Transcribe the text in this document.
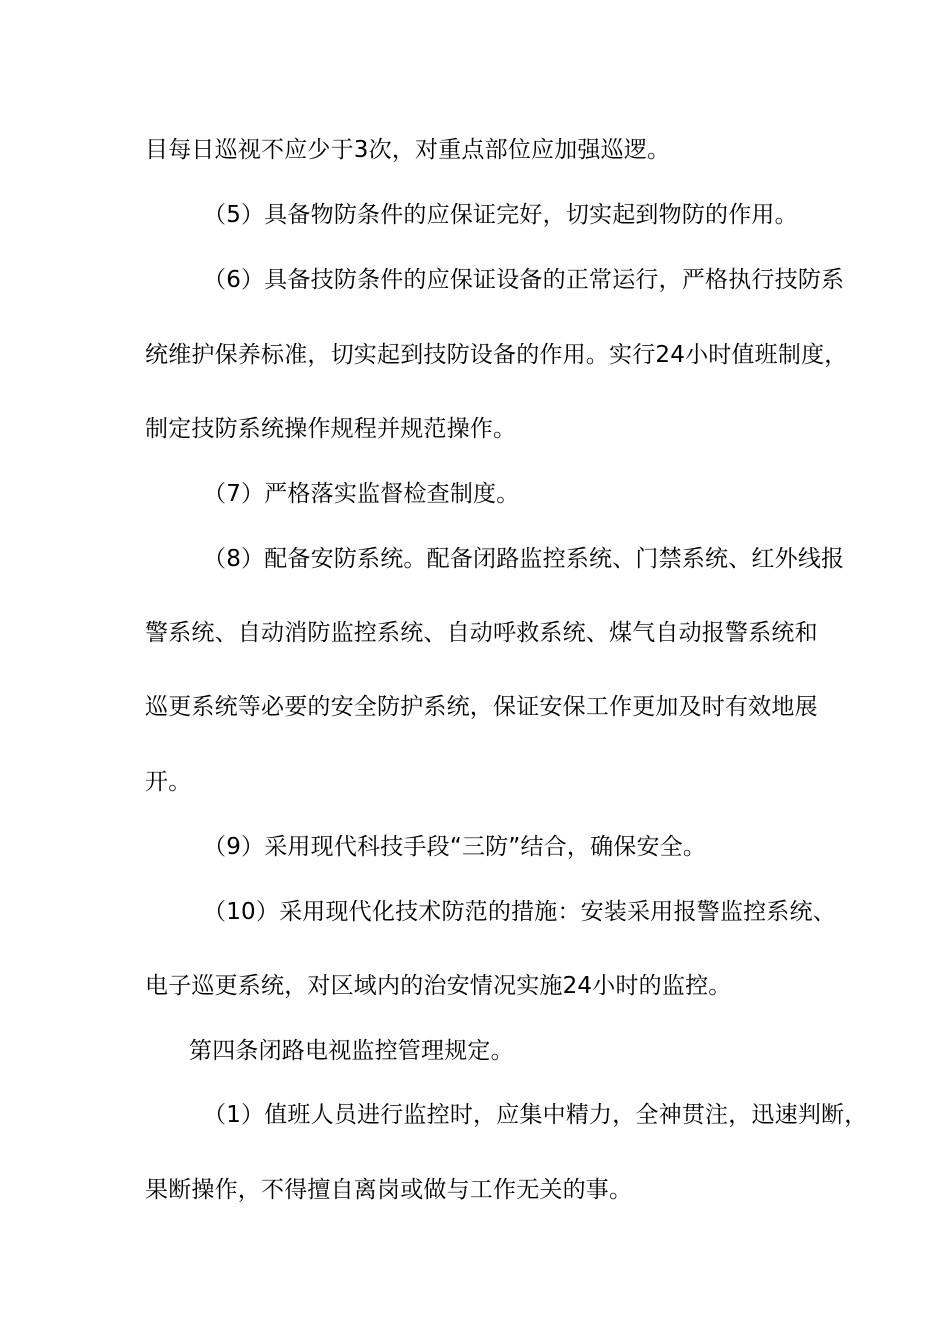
目每日巡视不应少于3次，对重点部位应加强巡逻。
（5）具备物防条件的应保证完好，切实起到物防的作用。
（6）具备技防条件的应保证设备的正常运行，严格执行技防系
统维护保养标准，切实起到技防设备的作用。实行24小时值班制度，
制定技防系统操作规程并规范操作。
（7）严格落实监督检查制度。
（8）配备安防系统。配备闭路监控系统、门禁系统、红外线报
警系统、自动消防监控系统、自动呼救系统、煤气自动报警系统和
巡更系统等必要的安全防护系统，保证安保工作更加及时有效地展
开。
（9）采用现代科技手段“三防”结合，确保安全。
（10）采用现代化技术防范的措施：安装采用报警监控系统、
电子巡更系统，对区域内的治安情况实施24小时的监控。
第四条闭路电视监控管理规定。
（1）值班人员进行监控时，应集中精力，全神贯注，迅速判断，
果断操作，不得擅自离岗或做与工作无关的事。
